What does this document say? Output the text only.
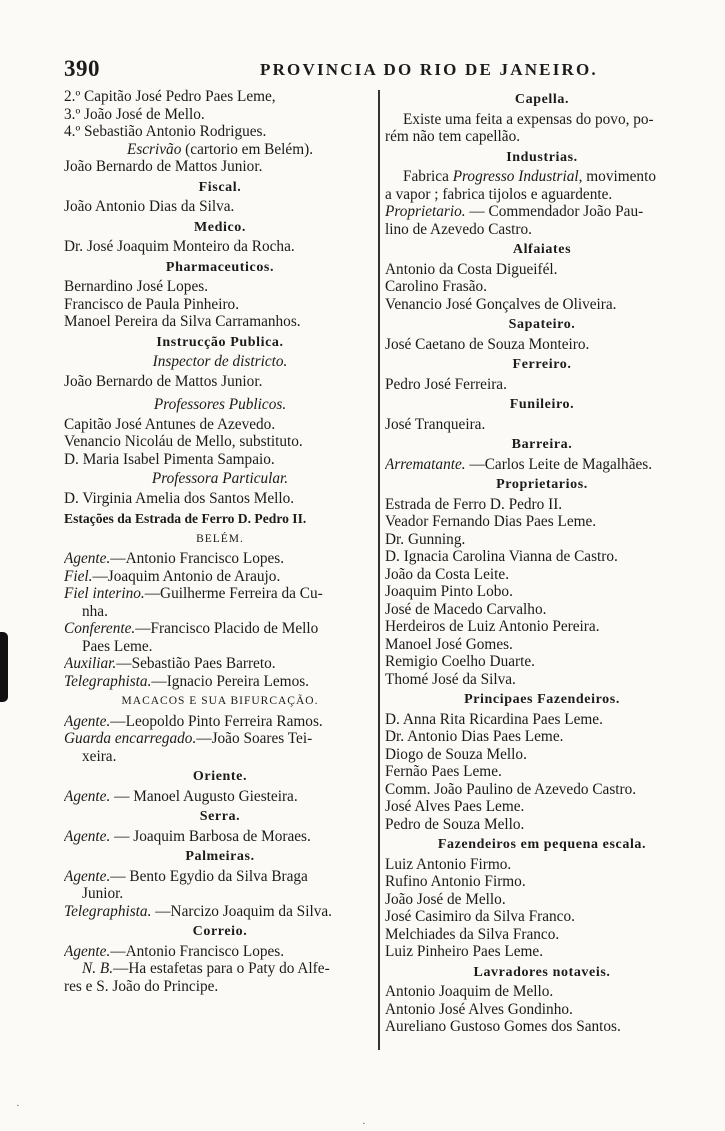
390	PROVINCIA DO RIO DE JANEIRO.
2.º Capitão José Pedro Paes Leme,
3.º João José de Mello.
4.º Sebastião Antonio Rodrigues.
Escrivão (cartorio em Belém).
João Bernardo de Mattos Junior.
Fiscal.
João Antonio Dias da Silva.
Medico.
Dr. José Joaquim Monteiro da Rocha.
Pharmaceuticos.
Bernardino José Lopes.
Francisco de Paula Pinheiro.
Manoel Pereira da Silva Carramanhos.
Instrucção Publica.
Inspector de districto.
João Bernardo de Mattos Junior.
Professores Publicos.
Capitão José Antunes de Azevedo.
Venancio Nicoláu de Mello, substituto.
D. Maria Isabel Pimenta Sampaio.
Professora Particular.
D. Virginia Amelia dos Santos Mello.
Estações da Estrada de Ferro D. Pedro II.
BELÉM.
Agente.—Antonio Francisco Lopes.
Fiel.—Joaquim Antonio de Araujo.
Fiel interino.—Guilherme Ferreira da Cu-
nha.
Conferente.—Francisco Placido de Mello
Paes Leme.
Auxiliar.—Sebastião Paes Barreto.
Telegraphista.—Ignacio Pereira Lemos.
MACACOS E SUA BIFURCAÇÃO.
Agente.—Leopoldo Pinto Ferreira Ramos.
Guarda encarregado.—João Soares Tei-
xeira.
Oriente.
Agente. — Manoel Augusto Giesteira.
Serra.
Agente. — Joaquim Barbosa de Moraes.
Palmeiras.
Agente.— Bento Egydio da Silva Braga
Junior.
Telegraphista. —Narcizo Joaquim da Silva.
Correio.
Agente.—Antonio Francisco Lopes.
N. B.—Ha estafetas para o Paty do Alfe-
res e S. João do Principe.
Capella.
Existe uma feita a expensas do povo, po-
rém não tem capellão.
Industrias.
Fabrica Progresso Industrial, movimento
a vapor ; fabrica tijolos e aguardente.
Proprietario. — Commendador João Pau-
lino de Azevedo Castro.
Alfaiates
Antonio da Costa Digueifél.
Carolino Frasão.
Venancio José Gonçalves de Oliveira.
Sapateiro.
José Caetano de Souza Monteiro.
Ferreiro.
Pedro José Ferreira.
Funileiro.
José Tranqueira.
Barreira.
Arrematante. —Carlos Leite de Magalhães.
Proprietarios.
Estrada de Ferro D. Pedro II.
Veador Fernando Dias Paes Leme.
Dr. Gunning.
D. Ignacia Carolina Vianna de Castro.
João da Costa Leite.
Joaquim Pinto Lobo.
José de Macedo Carvalho.
Herdeiros de Luiz Antonio Pereira.
Manoel José Gomes.
Remigio Coelho Duarte.
Thomé José da Silva.
Principaes Fazendeiros.
D. Anna Rita Ricardina Paes Leme.
Dr. Antonio Dias Paes Leme.
Diogo de Souza Mello.
Fernão Paes Leme.
Comm. João Paulino de Azevedo Castro.
José Alves Paes Leme.
Pedro de Souza Mello.
Fazendeiros em pequena escala.
Luiz Antonio Firmo.
Rufino Antonio Firmo.
João José de Mello.
José Casimiro da Silva Franco.
Melchiades da Silva Franco.
Luiz Pinheiro Paes Leme.
Lavradores notaveis.
Antonio Joaquim de Mello.
Antonio José Alves Gondinho.
Aureliano Gustoso Gomes dos Santos.
·
·
